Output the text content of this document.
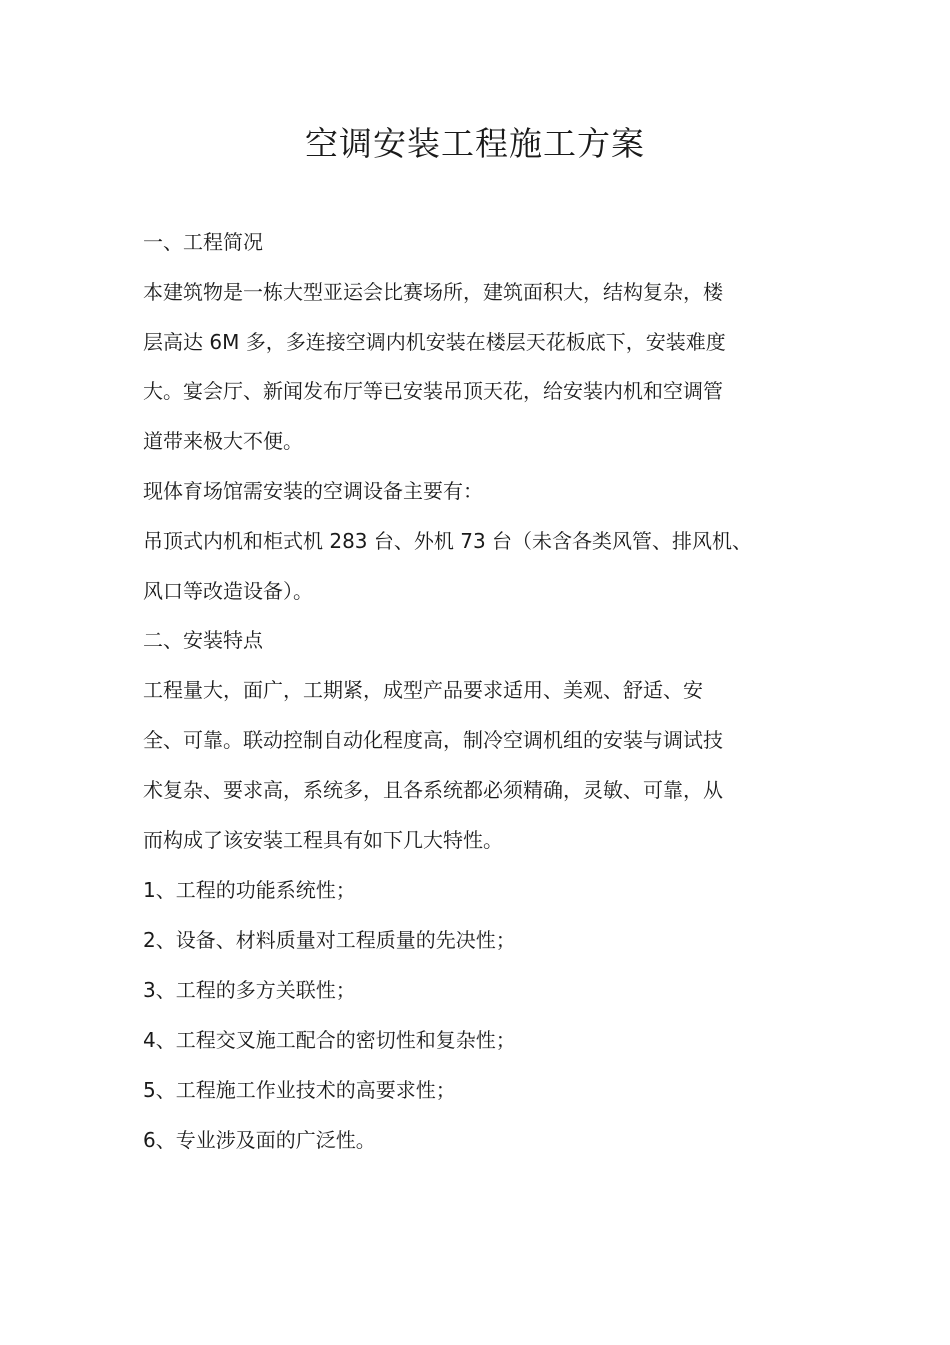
空调安装工程施工方案
一、工程简况
本建筑物是一栋大型亚运会比赛场所，建筑面积大，结构复杂，楼
层高达 6M 多，多连接空调内机安装在楼层天花板底下，安装难度
大。宴会厅、新闻发布厅等已安装吊顶天花，给安装内机和空调管
道带来极大不便。
现体育场馆需安装的空调设备主要有：
吊顶式内机和柜式机 283 台、外机 73 台（未含各类风管、排风机、
风口等改造设备）。
二、安装特点
工程量大，面广，工期紧，成型产品要求适用、美观、舒适、安
全、可靠。联动控制自动化程度高，制冷空调机组的安装与调试技
术复杂、要求高，系统多，且各系统都必须精确，灵敏、可靠，从
而构成了该安装工程具有如下几大特性。
1、工程的功能系统性；
2、设备、材料质量对工程质量的先决性；
3、工程的多方关联性；
4、工程交叉施工配合的密切性和复杂性；
5、工程施工作业技术的高要求性；
6、专业涉及面的广泛性。
